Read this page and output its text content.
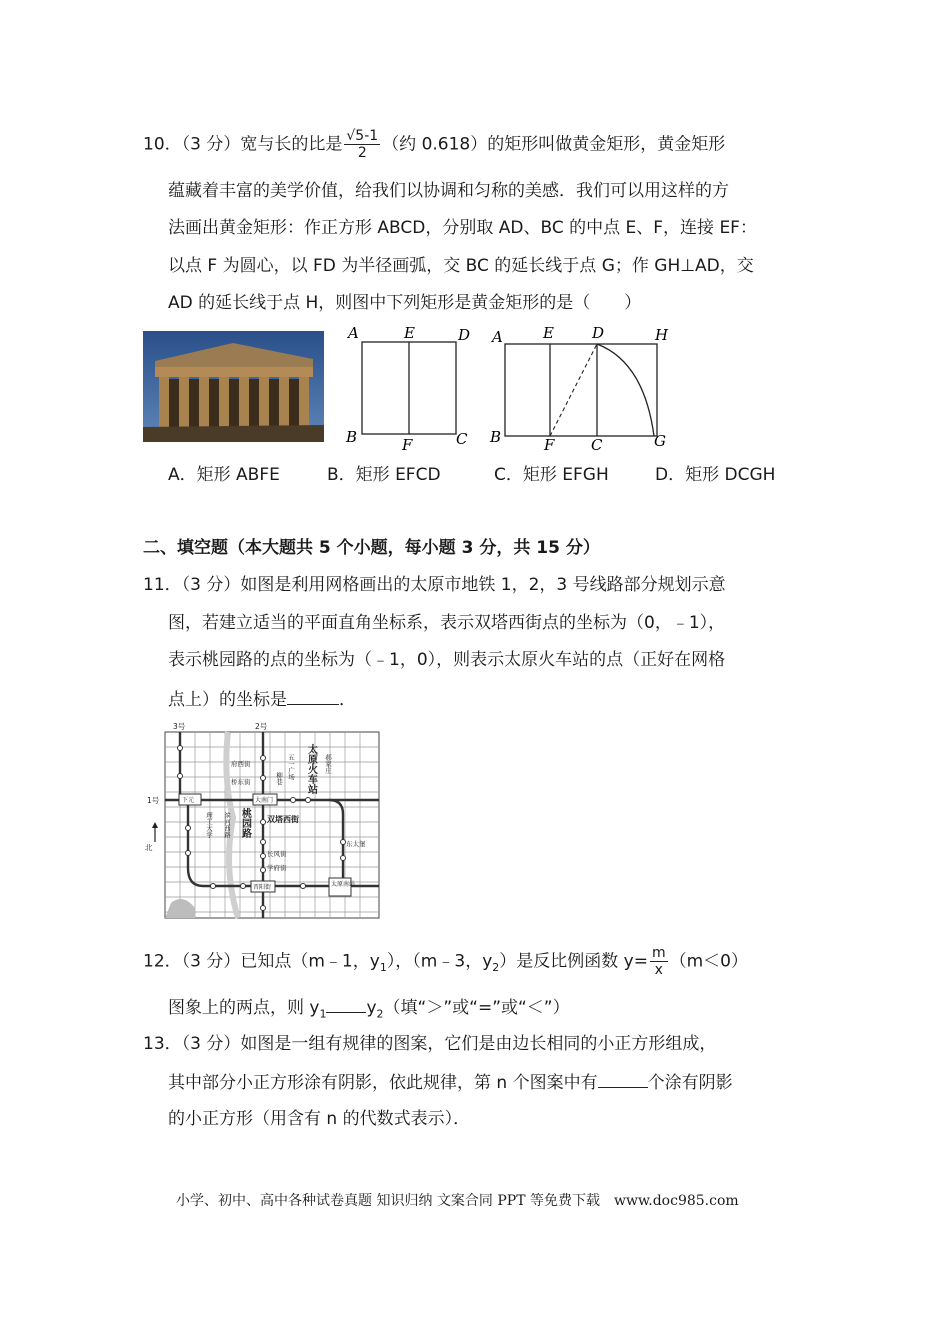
10．（3 分）宽与长的比是 $\frac{√5-1}{2}$ （约 0.618）的矩形叫做黄金矩形，黄金矩形
蕴藏着丰富的美学价值，给我们以协调和匀称的美感．我们可以用这样的方
法画出黄金矩形：作正方形 ABCD，分别取 AD、BC 的中点 E、F，连接 EF：
以点 F 为圆心，以 FD 为半径画弧，交 BC 的延长线于点 G；作 GH⊥AD，交
AD 的延长线于点 H，则图中下列矩形是黄金矩形的是（　　）
A	E	D
B	F	C
A	E	D	H
B	F C	G
A．矩形 ABFE	B．矩形 EFCD	C．矩形 EFGH	D．矩形 DCGH
二、填空题（本大题共 5 个小题，每小题 3 分，共 15 分）
11．（3 分）如图是利用网格画出的太原市地铁 1，2，3 号线路部分规划示意
图，若建立适当的平面直角坐标系，表示双塔西街点的坐标为（0，﹣1），
表示桃园路的点的坐标为（﹣1，0），则表示太原火车站的点（正好在网格
点上）的坐标是	．
3号	2号
1号
北
下元	大南门
晋阳街	太原南站
府西街
桥东街
双塔西街
长风街
学府街
东太堡
太原火车站
五一广场	郝家庄
柳巷
桃园路
理工大学 滨河西路
12．（3 分）已知点（m﹣1，$y_1$），（m﹣3，$y_2$）是反比例函数 $y= \frac{m}{x} (m<0)$
图象上的两点，则 $y_1$ $y_2$（填“＞”或“=”或“＜”）
13．（3 分）如图是一组有规律的图案，它们是由边长相同的小正方形组成，
其中部分小正方形涂有阴影，依此规律，第 n 个图案中有	个涂有阴影
的小正方形（用含有 n 的代数式表示）．
小学、初中、高中各种试卷真题 知识归纳 文案合同 PPT 等免费下载　www.doc985.com
